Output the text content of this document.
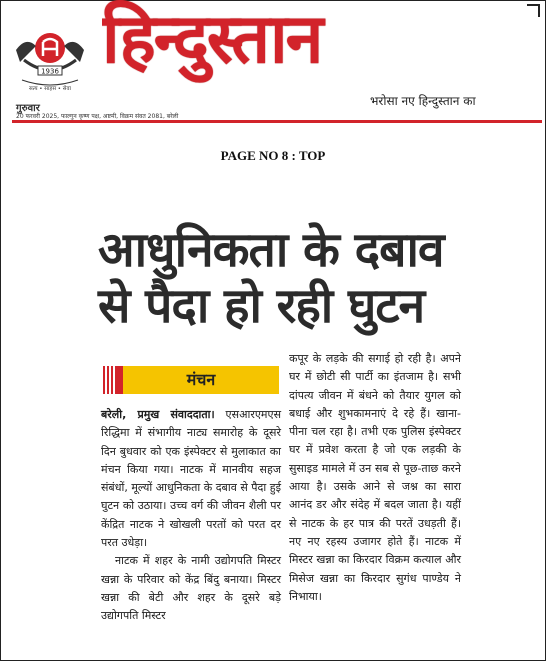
1936
सत्य • साहस • सेवा
हिन्दुस्तान
भरोसा नए हिन्दुस्तान का
गुरुवार
20 फरवरी 2025, फाल्गुन कृष्ण पक्ष, अष्टमी, विक्रम संवत 2081, बरेली
PAGE NO 8 : TOP
आधुनिकता के दबाव
से पैदा हो रही घुटन
मंचन

बरेली, प्रमुख संवाददाता। एसआरएमएस रिद्धिमा में संभागीय नाट्य समारोह के दूसरे दिन बुधवार को एक इंस्पेक्टर से मुलाकात का मंचन किया गया। नाटक में मानवीय सहज संबंधों, मूल्यों आधुनिकता के दबाव से पैदा हुई घुटन को उठाया। उच्च वर्ग की जीवन शैली पर केंद्रित नाटक ने खोखली परतों को परत दर परत उधेड़ा।

नाटक में शहर के नामी उद्योगपति मिस्टर खन्ना के परिवार को केंद्र बिंदु बनाया। मिस्टर खन्ना की बेटी और शहर के दूसरे बड़े उद्योगपति मिस्टर

कपूर के लड़के की सगाई हो रही है। अपने घर में छोटी सी पार्टी का इंतजाम है। सभी दांपत्य जीवन में बंधने को तैयार युगल को बधाई और शुभकामनाएं दे रहे हैं। खाना-पीना चल रहा है। तभी एक पुलिस इंस्पेक्टर घर में प्रवेश करता है जो एक लड़की के सुसाइड मामले में उन सब से पूछ-ताछ करने आया है। उसके आने से जश्न का सारा आनंद डर और संदेह में बदल जाता है। यहीं से नाटक के हर पात्र की परतें उधड़ती हैं। नए नए रहस्य उजागर होते हैं। नाटक में मिस्टर खन्ना का किरदार विक्रम कत्याल और मिसेज खन्ना का किरदार सुगंध पाण्डेय ने निभाया।
